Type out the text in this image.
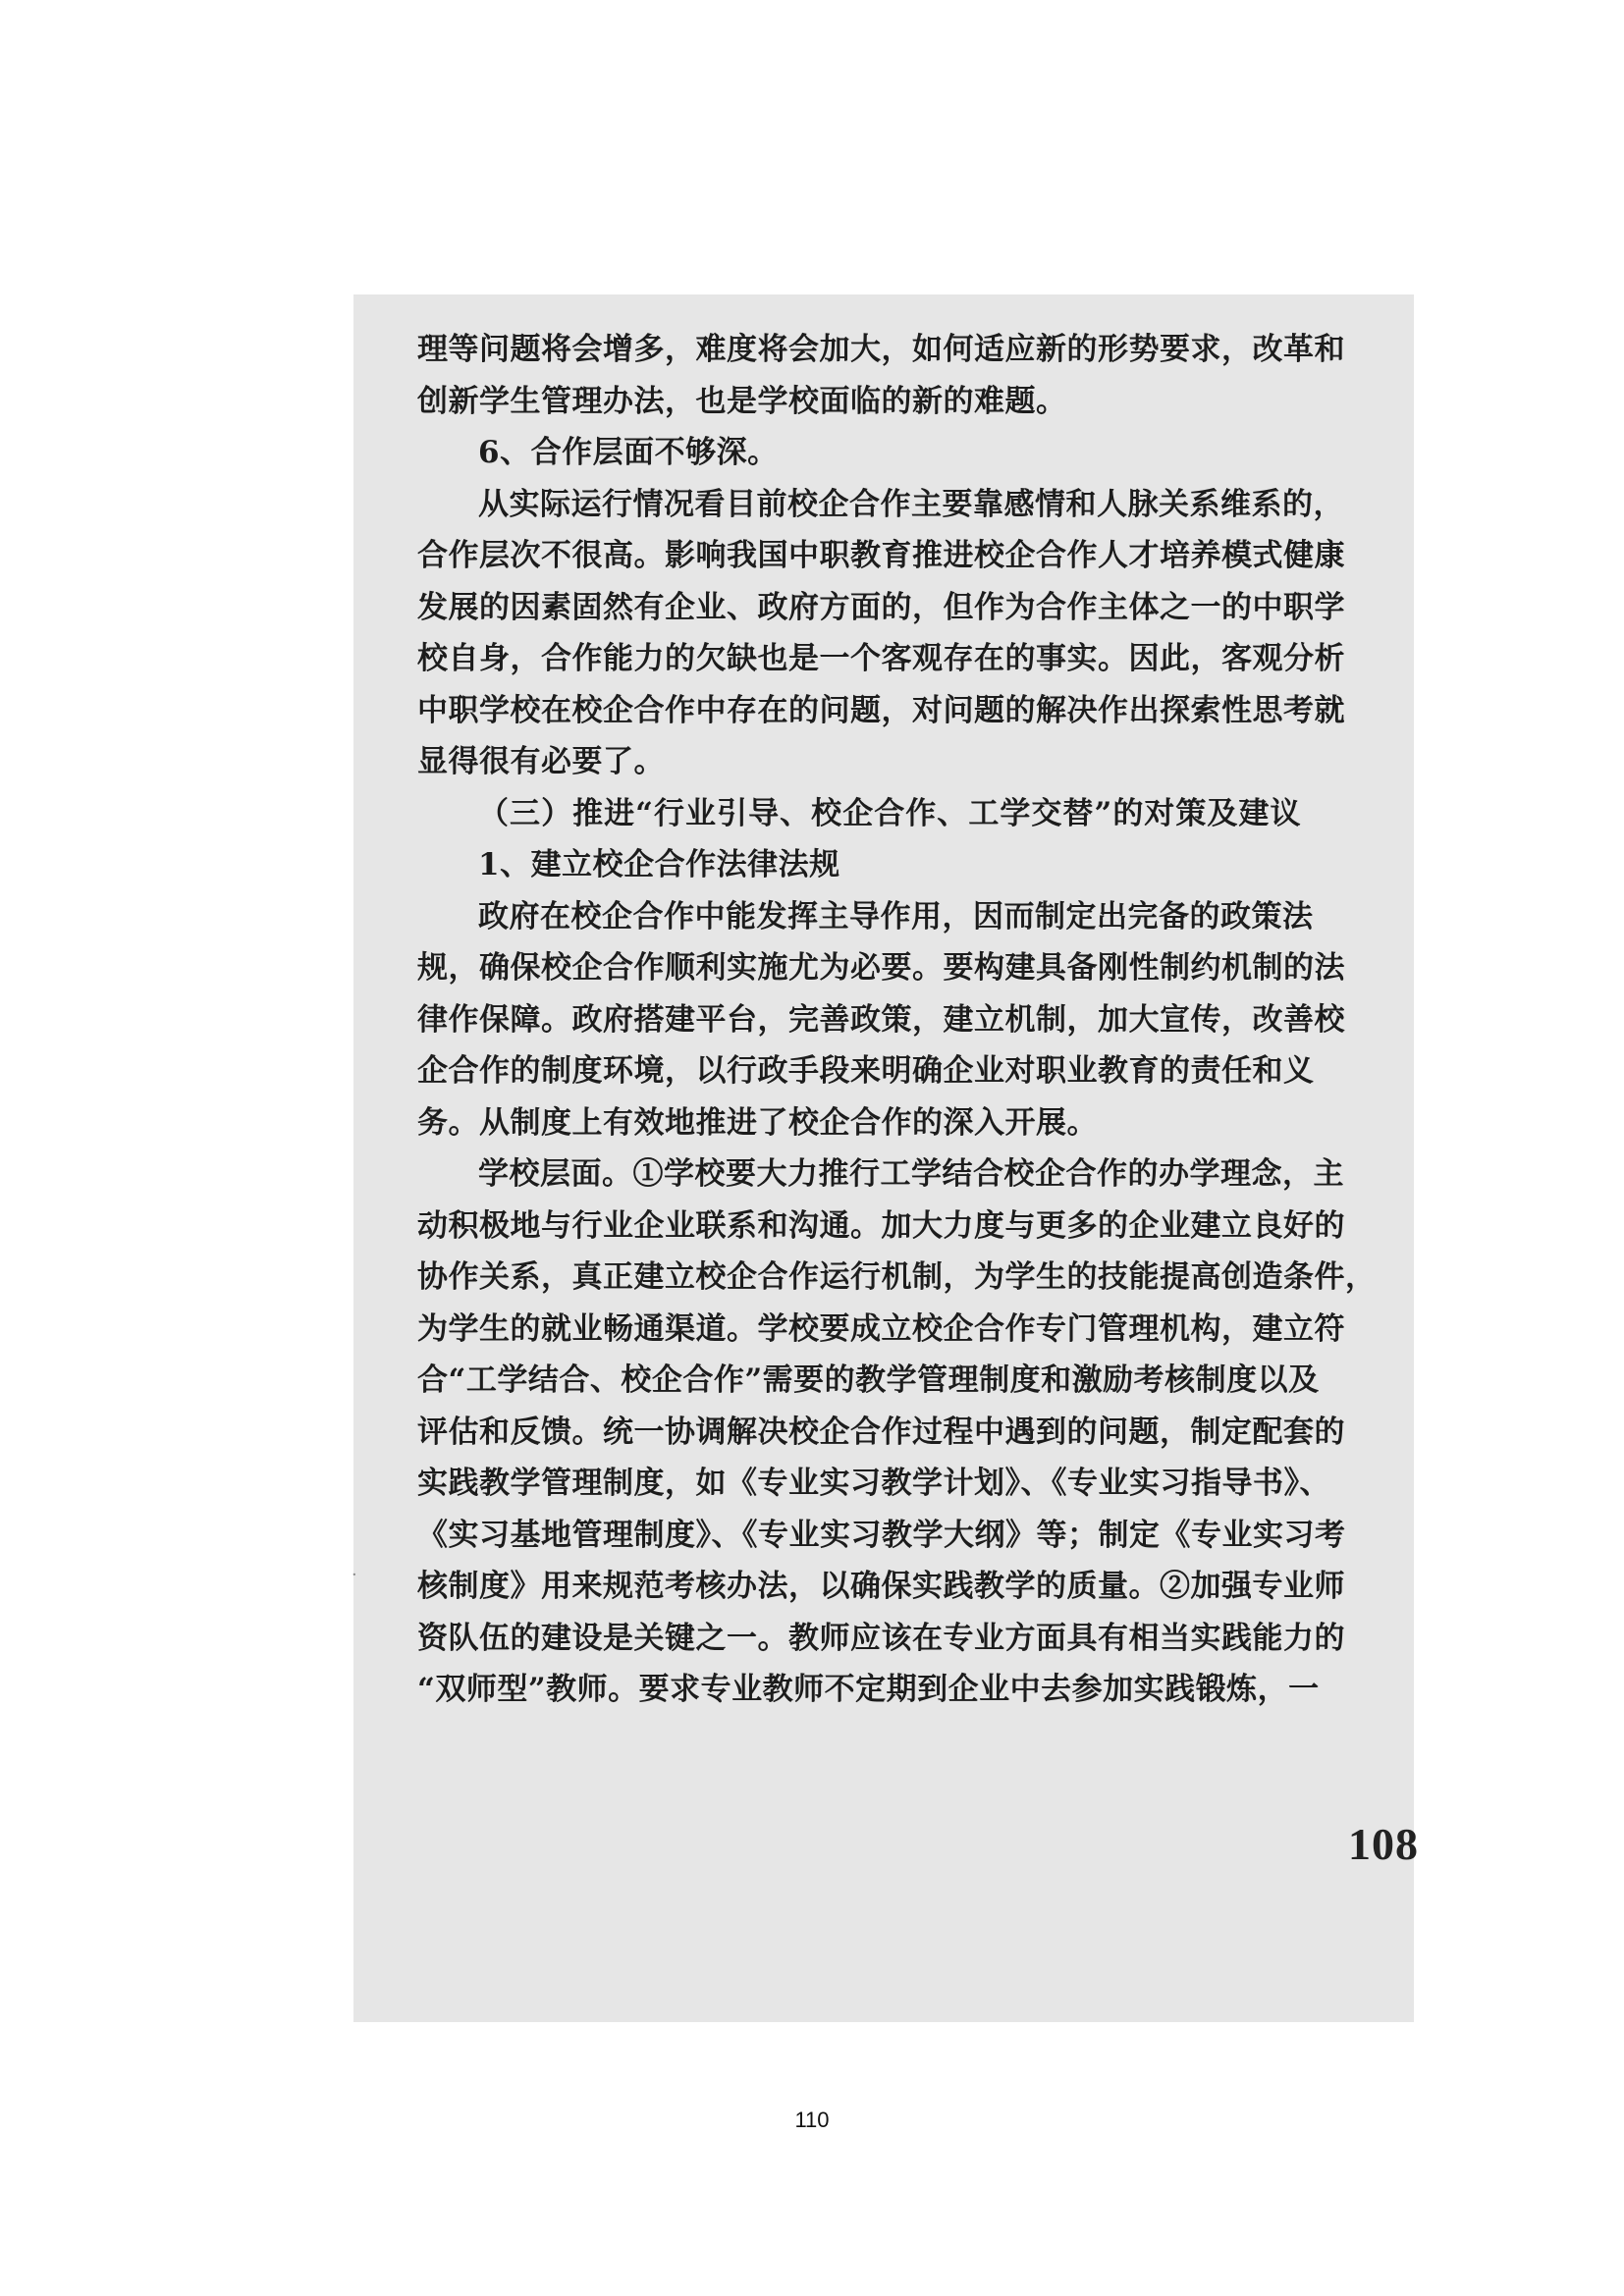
理等问题将会增多，难度将会加大，如何适应新的形势要求，改革和
创新学生管理办法，也是学校面临的新的难题。
6、合作层面不够深。
从实际运行情况看目前校企合作主要靠感情和人脉关系维系的，
合作层次不很高。影响我国中职教育推进校企合作人才培养模式健康
发展的因素固然有企业、政府方面的，但作为合作主体之一的中职学
校自身，合作能力的欠缺也是一个客观存在的事实。因此，客观分析
中职学校在校企合作中存在的问题，对问题的解决作出探索性思考就
显得很有必要了。
（三）推进“行业引导、校企合作、工学交替”的对策及建议
1、建立校企合作法律法规
政府在校企合作中能发挥主导作用，因而制定出完备的政策法
规，确保校企合作顺利实施尤为必要。要构建具备刚性制约机制的法
律作保障。政府搭建平台，完善政策，建立机制，加大宣传，改善校
企合作的制度环境，以行政手段来明确企业对职业教育的责任和义
务。从制度上有效地推进了校企合作的深入开展。
学校层面。①学校要大力推行工学结合校企合作的办学理念，主
动积极地与行业企业联系和沟通。加大力度与更多的企业建立良好的
协作关系，真正建立校企合作运行机制，为学生的技能提高创造条件，
为学生的就业畅通渠道。学校要成立校企合作专门管理机构，建立符
合“工学结合、校企合作”需要的教学管理制度和激励考核制度以及
评估和反馈。统一协调解决校企合作过程中遇到的问题，制定配套的
实践教学管理制度，如《专业实习教学计划》、《专业实习指导书》、
《实习基地管理制度》、《专业实习教学大纲》等；制定《专业实习考
核制度》用来规范考核办法，以确保实践教学的质量。②加强专业师
资队伍的建设是关键之一。教师应该在专业方面具有相当实践能力的
“双师型”教师。要求专业教师不定期到企业中去参加实践锻炼，一
·
108
110
